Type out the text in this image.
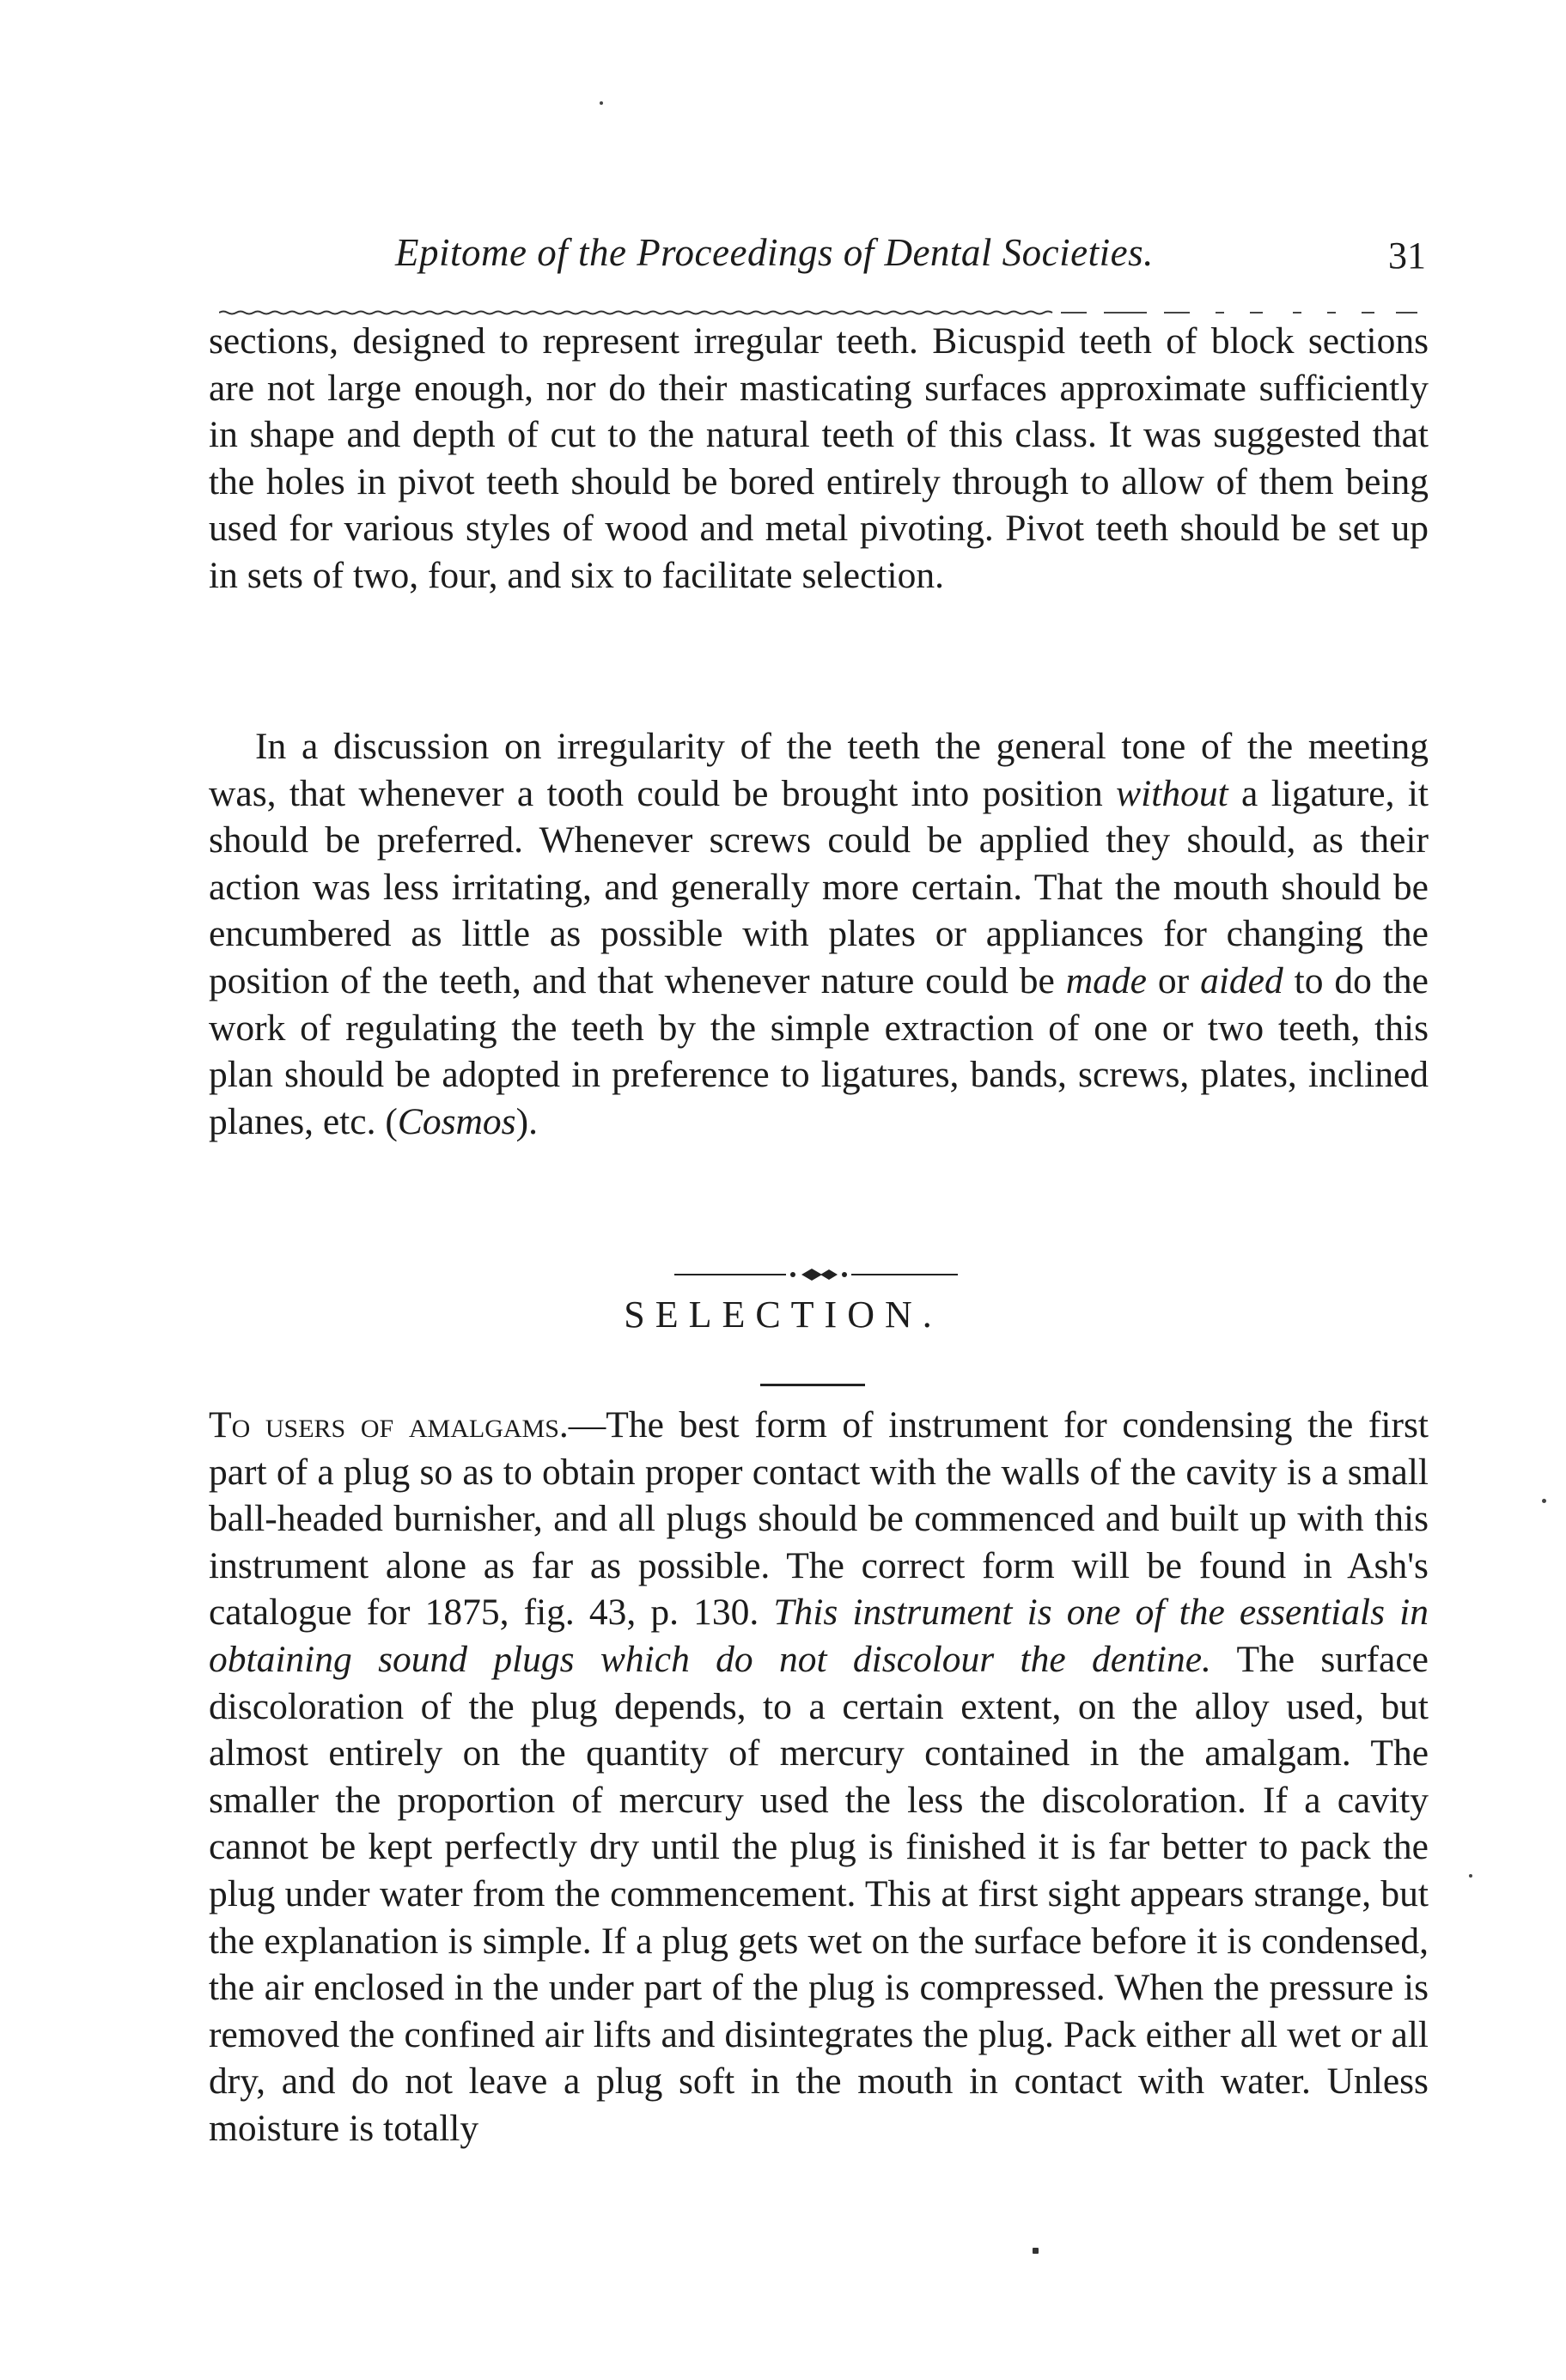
Epitome of the Proceedings of Dental Societies.	31

sections, designed to represent irregular teeth. Bicuspid teeth of block sections are not large enough, nor do their masticating surfaces approximate sufficiently in shape and depth of cut to the natural teeth of this class. It was suggested that the holes in pivot teeth should be bored entirely through to allow of them being used for various styles of wood and metal pivoting. Pivot teeth should be set up in sets of two, four, and six to facilitate selection.

In a discussion on irregularity of the teeth the general tone of the meeting was, that whenever a tooth could be brought into position without a ligature, it should be preferred. Whenever screws could be applied they should, as their action was less irritating, and generally more certain. That the mouth should be encumbered as little as possible with plates or appliances for changing the position of the teeth, and that whenever nature could be made or aided to do the work of regulating the teeth by the simple extraction of one or two teeth, this plan should be adopted in preference to ligatures, bands, screws, plates, inclined planes, etc. (Cosmos).

SELECTION.

To users of amalgams.—The best form of instrument for condensing the first part of a plug so as to obtain proper contact with the walls of the cavity is a small ball-headed burnisher, and all plugs should be commenced and built up with this instrument alone as far as possible. The correct form will be found in Ash's catalogue for 1875, fig. 43, p. 130. This instrument is one of the essentials in obtaining sound plugs which do not discolour the dentine. The surface discoloration of the plug depends, to a certain extent, on the alloy used, but almost entirely on the quantity of mercury contained in the amalgam. The smaller the proportion of mercury used the less the discoloration. If a cavity cannot be kept perfectly dry until the plug is finished it is far better to pack the plug under water from the commencement. This at first sight appears strange, but the explanation is simple. If a plug gets wet on the surface before it is condensed, the air enclosed in the under part of the plug is compressed. When the pressure is removed the confined air lifts and disintegrates the plug. Pack either all wet or all dry, and do not leave a plug soft in the mouth in contact with water. Unless moisture is totally
